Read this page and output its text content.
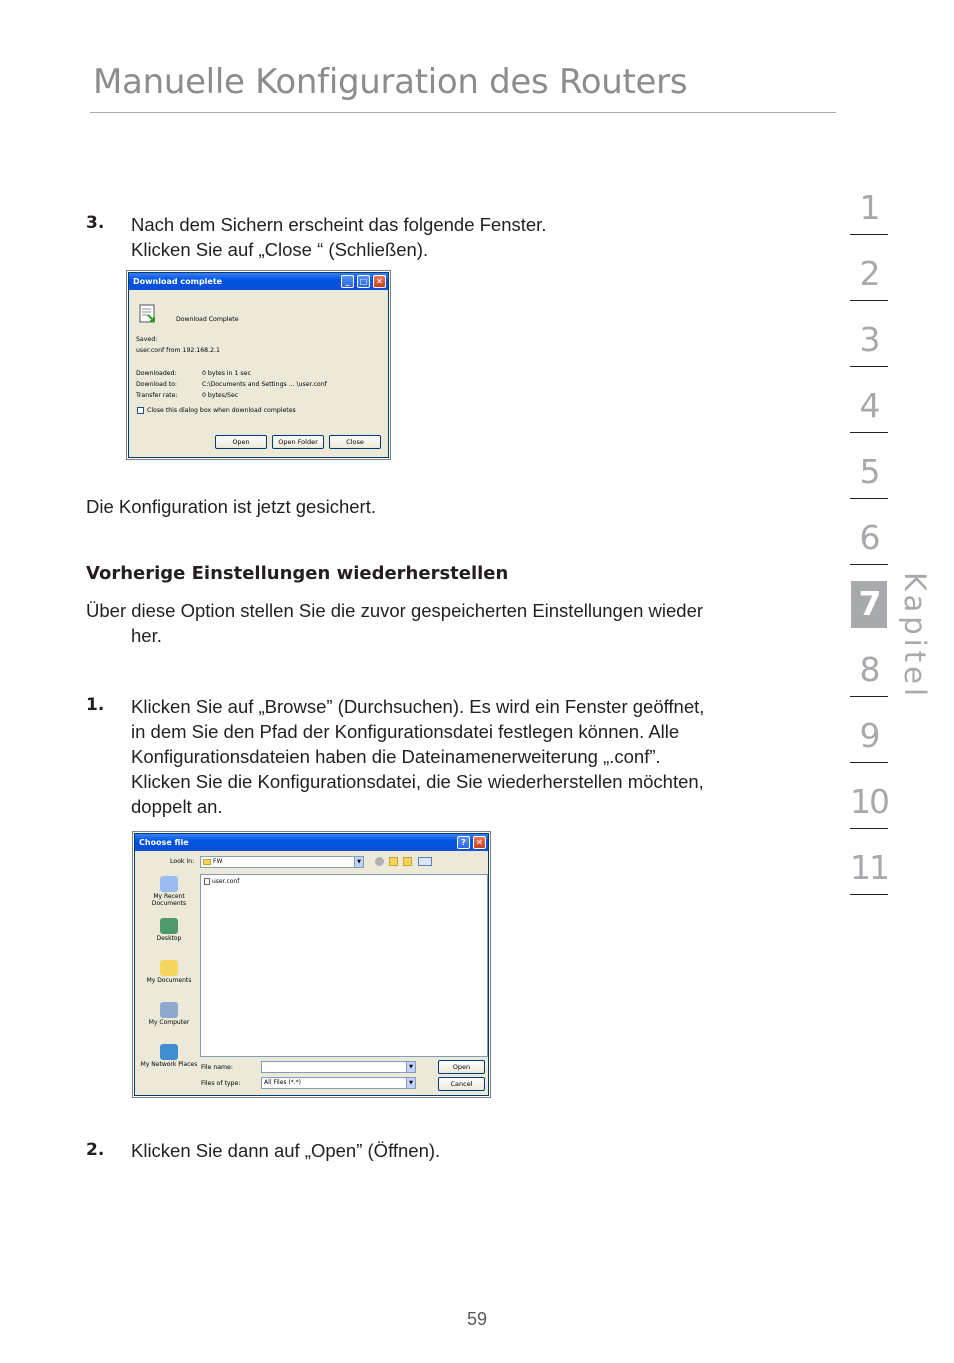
Manuelle Konfiguration des Routers
3. Nach dem Sichern erscheint das folgende Fenster.
Klicken Sie auf „Close “ (Schließen).
Download complete	_	□	✕
Download Complete
Saved:
user.conf from 192.168.2.1
Downloaded:	0 bytes in 1 sec
Download to:	C:\Documents and Settings ... \user.conf
Transfer rate:	0 bytes/Sec
Close this dialog box when download completes
Open	Open Folder	Close
Die Konfiguration ist jetzt gesichert.
Vorherige Einstellungen wiederherstellen
Über diese Option stellen Sie die zuvor gespeicherten Einstellungen wieder
her.
1. Klicken Sie auf „Browse” (Durchsuchen). Es wird ein Fenster geöffnet,
in dem Sie den Pfad der Konfigurationsdatei festlegen können. Alle
Konfigurationsdateien haben die Dateinamenerweiterung „.conf”.
Klicken Sie die Konfigurationsdatei, die Sie wiederherstellen möchten,
doppelt an.
Choose file	?	✕
Look in:	FW	▼
My Recent Documents
Desktop
My Documents
My Computer
My Network Places
user.conf
File name:	▼
Files of type:	All Files (*.*)	▼
Open
Cancel
2. Klicken Sie dann auf „Open” (Öffnen).
1
2
3
4
5
6
7
8
9
10
11
Kapitel
59
